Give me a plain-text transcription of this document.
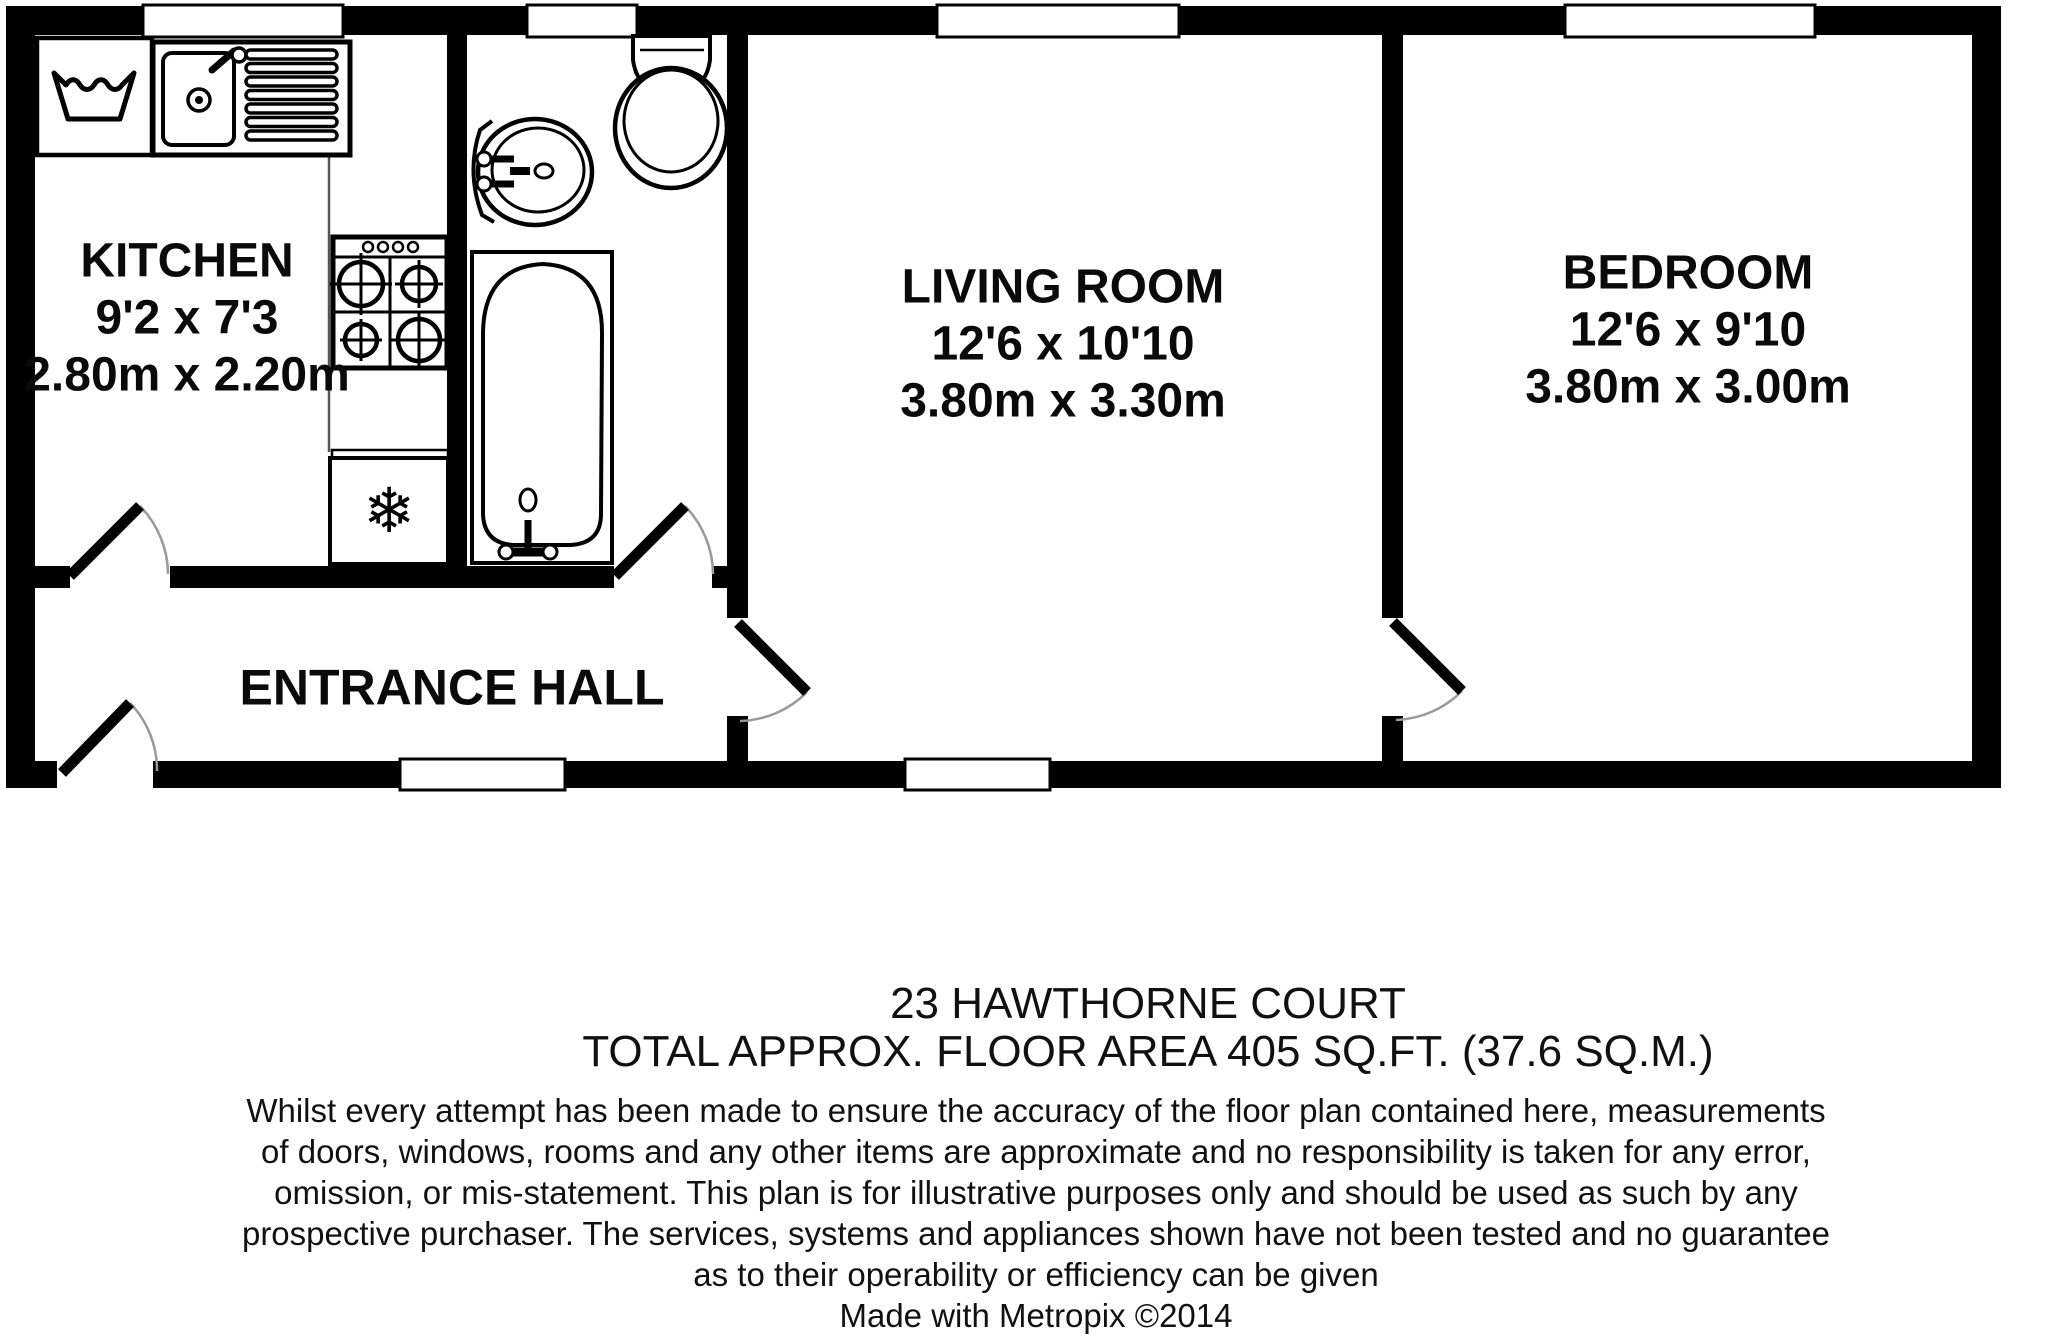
❄
KITCHEN
9'2 x 7'3
2.80m x 2.20m
LIVING ROOM
12'6 x 10'10
3.80m x 3.30m
BEDROOM
12'6 x 9'10
3.80m x 3.00m
ENTRANCE HALL
23 HAWTHORNE COURT
TOTAL APPROX. FLOOR AREA 405 SQ.FT. (37.6 SQ.M.)
Whilst every attempt has been made to ensure the accuracy of the floor plan contained here, measurements
of doors, windows, rooms and any other items are approximate and no responsibility is taken for any error,
omission, or mis-statement. This plan is for illustrative purposes only and should be used as such by any
prospective purchaser. The services, systems and appliances shown have not been tested and no guarantee
as to their operability or efficiency can be given
Made with Metropix ©2014
